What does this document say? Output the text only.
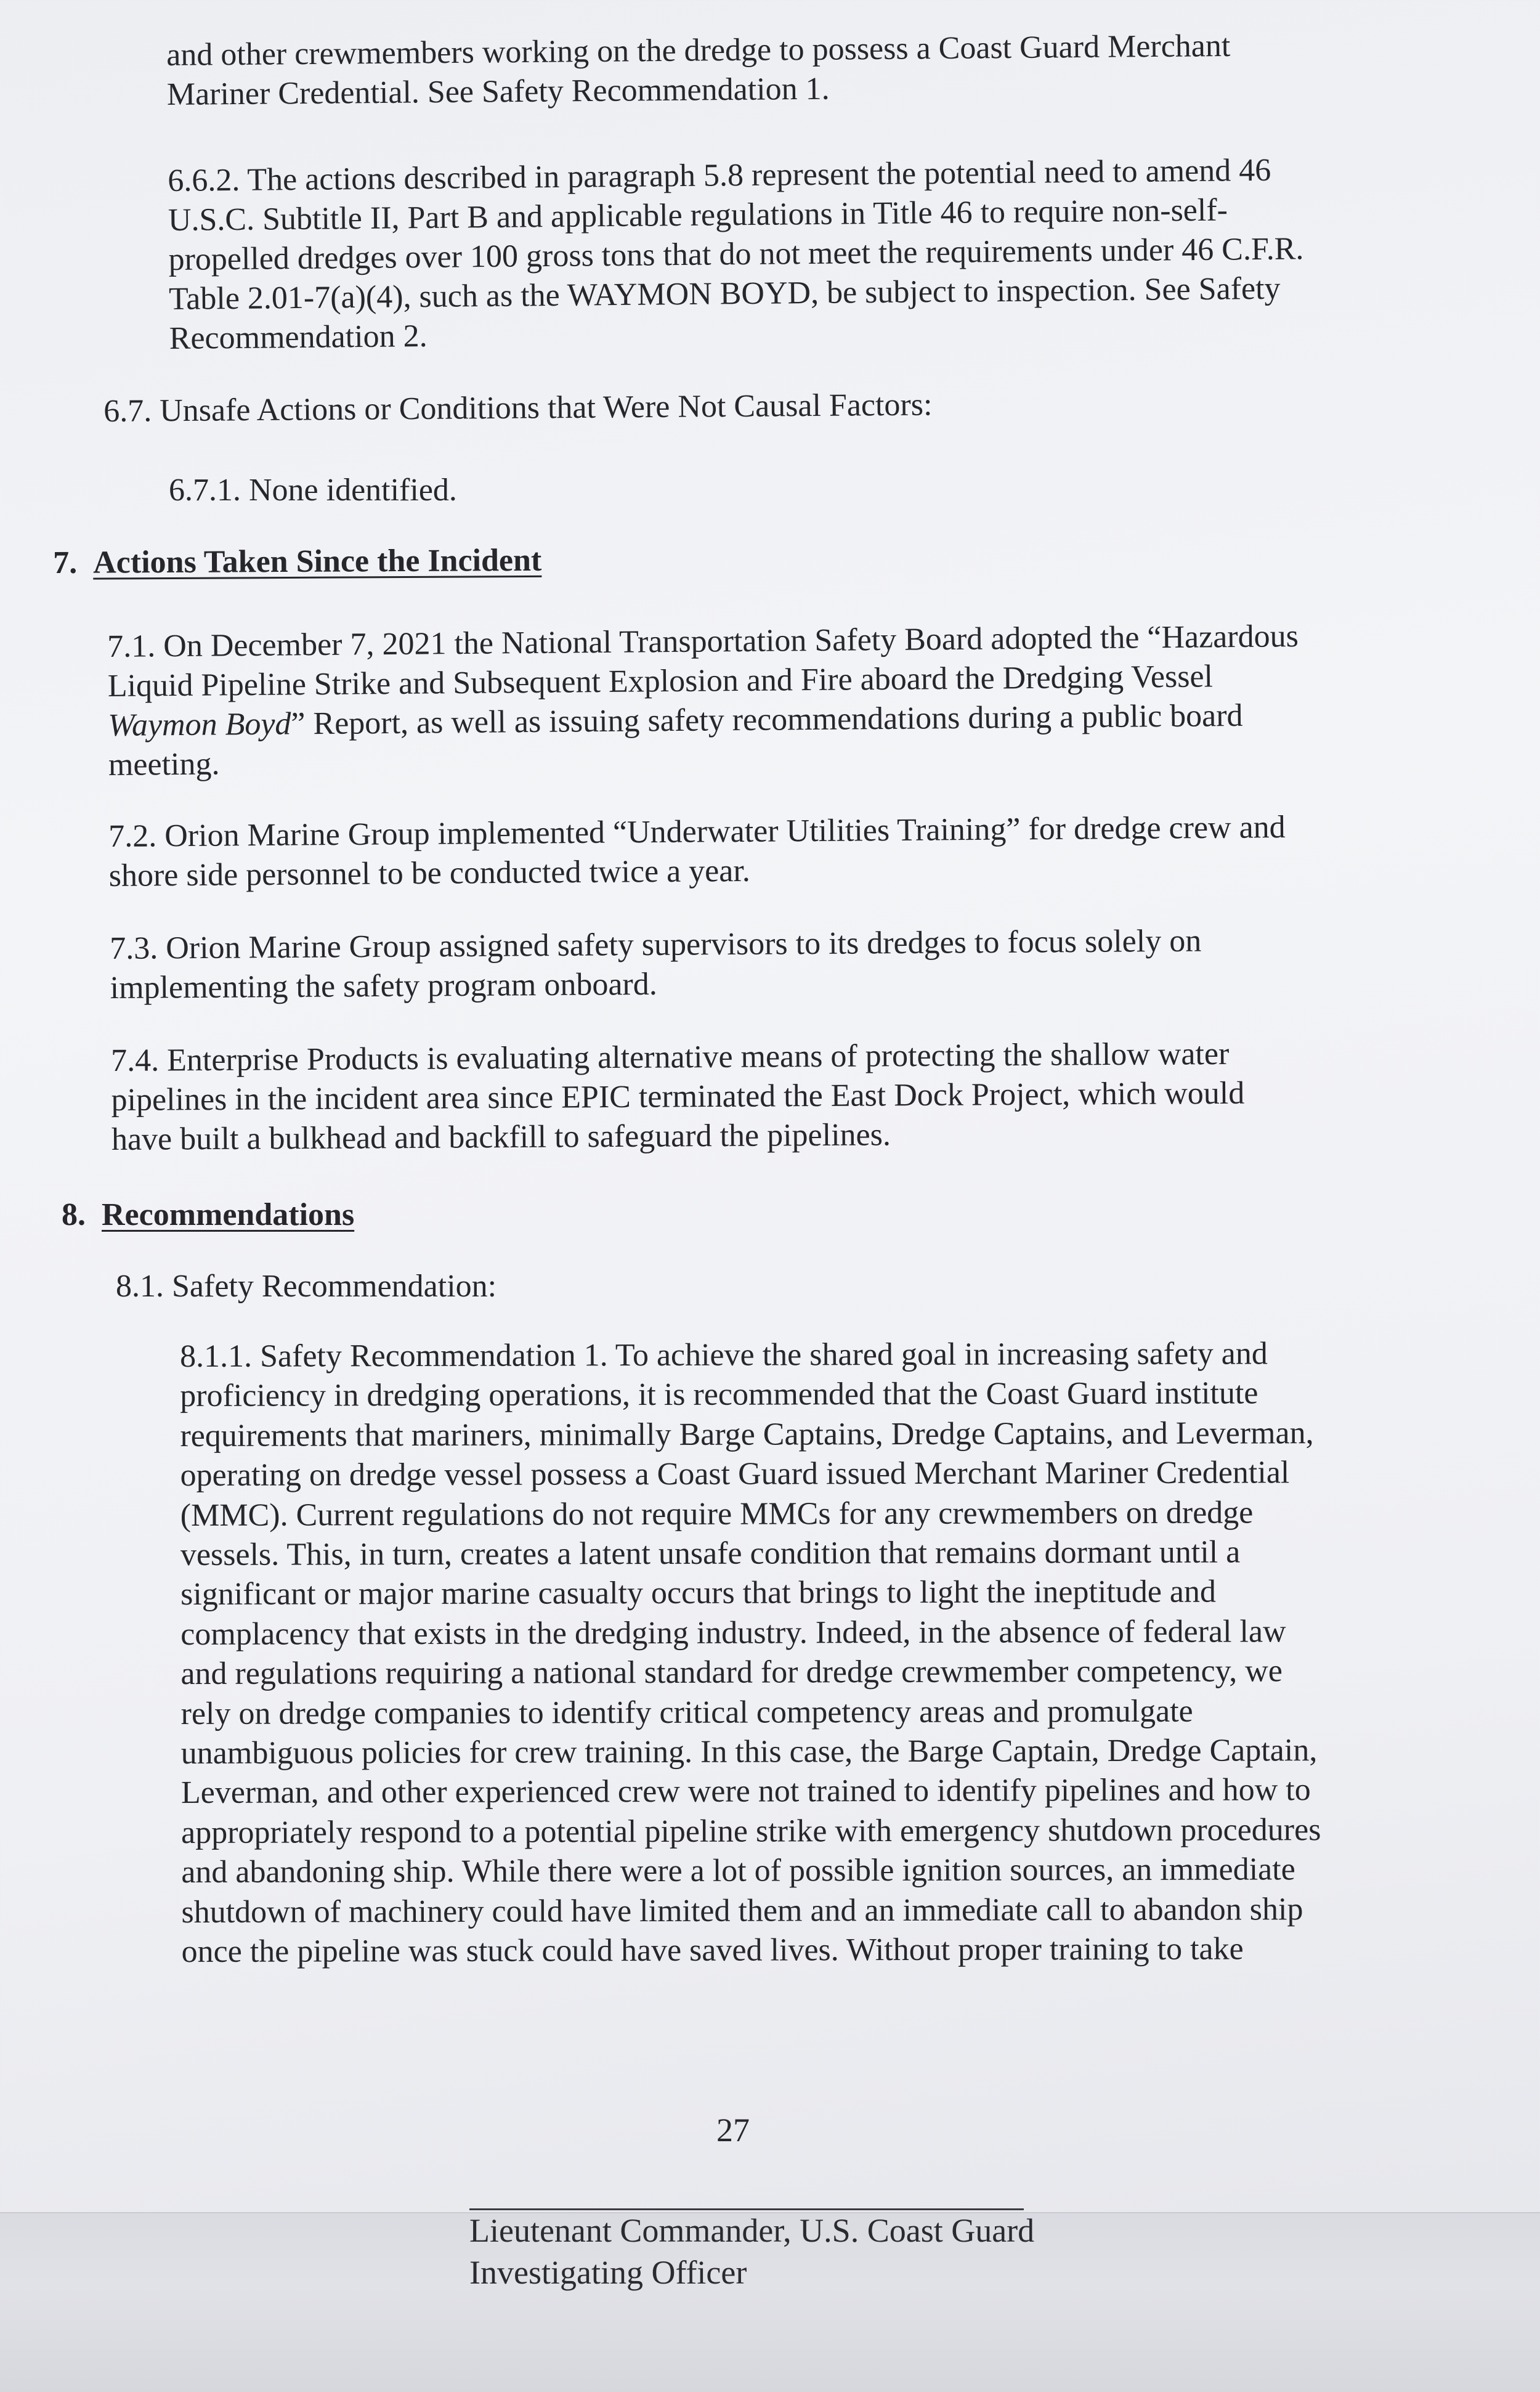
and other crewmembers working on the dredge to possess a Coast Guard Merchant
Mariner Credential. See Safety Recommendation 1.
6.6.2. The actions described in paragraph 5.8 represent the potential need to amend 46
U.S.C. Subtitle II, Part B and applicable regulations in Title 46 to require non-self-
propelled dredges over 100 gross tons that do not meet the requirements under 46 C.F.R.
Table 2.01-7(a)(4), such as the WAYMON BOYD, be subject to inspection. See Safety
Recommendation 2.
6.7. Unsafe Actions or Conditions that Were Not Causal Factors:
6.7.1. None identified.
7. Actions Taken Since the Incident
7.1. On December 7, 2021 the National Transportation Safety Board adopted the “Hazardous
Liquid Pipeline Strike and Subsequent Explosion and Fire aboard the Dredging Vessel
Waymon Boyd” Report, as well as issuing safety recommendations during a public board
meeting.
7.2. Orion Marine Group implemented “Underwater Utilities Training” for dredge crew and
shore side personnel to be conducted twice a year.
7.3. Orion Marine Group assigned safety supervisors to its dredges to focus solely on
implementing the safety program onboard.
7.4. Enterprise Products is evaluating alternative means of protecting the shallow water
pipelines in the incident area since EPIC terminated the East Dock Project, which would
have built a bulkhead and backfill to safeguard the pipelines.
8. Recommendations
8.1. Safety Recommendation:
8.1.1. Safety Recommendation 1. To achieve the shared goal in increasing safety and
proficiency in dredging operations, it is recommended that the Coast Guard institute
requirements that mariners, minimally Barge Captains, Dredge Captains, and Leverman,
operating on dredge vessel possess a Coast Guard issued Merchant Mariner Credential
(MMC). Current regulations do not require MMCs for any crewmembers on dredge
vessels. This, in turn, creates a latent unsafe condition that remains dormant until a
significant or major marine casualty occurs that brings to light the ineptitude and
complacency that exists in the dredging industry. Indeed, in the absence of federal law
and regulations requiring a national standard for dredge crewmember competency, we
rely on dredge companies to identify critical competency areas and promulgate
unambiguous policies for crew training. In this case, the Barge Captain, Dredge Captain,
Leverman, and other experienced crew were not trained to identify pipelines and how to
appropriately respond to a potential pipeline strike with emergency shutdown procedures
and abandoning ship. While there were a lot of possible ignition sources, an immediate
shutdown of machinery could have limited them and an immediate call to abandon ship
once the pipeline was stuck could have saved lives. Without proper training to take
27
Lieutenant Commander, U.S. Coast Guard
Investigating Officer
